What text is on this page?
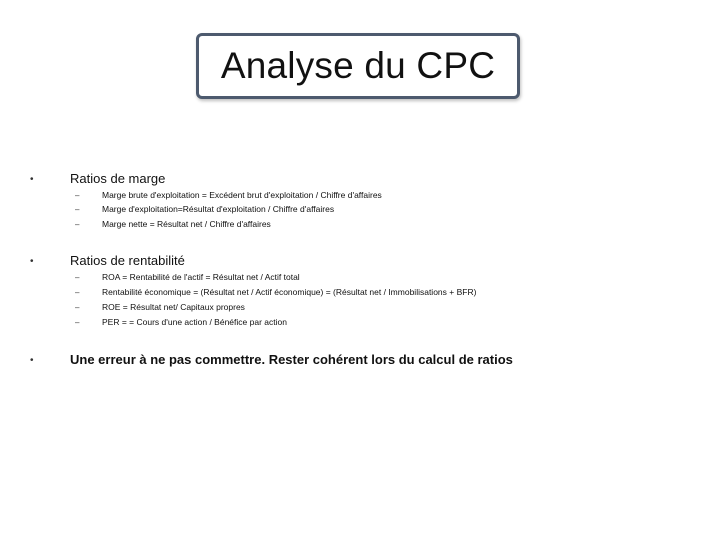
Analyse du CPC
•	Ratios de marge
–	Marge brute d'exploitation = Excédent brut d'exploitation / Chiffre d'affaires
–	Marge d'exploitation=Résultat d'exploitation / Chiffre d'affaires
–	Marge nette = Résultat net / Chiffre d'affaires
•	Ratios de rentabilité
–	ROA = Rentabilité de l'actif = Résultat net / Actif total
–	Rentabilité économique = (Résultat net / Actif économique) = (Résultat net / Immobilisations + BFR)
–	ROE = Résultat net/ Capitaux propres
–	PER = = Cours d'une action / Bénéfice par action
•	Une erreur à ne pas commettre. Rester cohérent lors du calcul de ratios
